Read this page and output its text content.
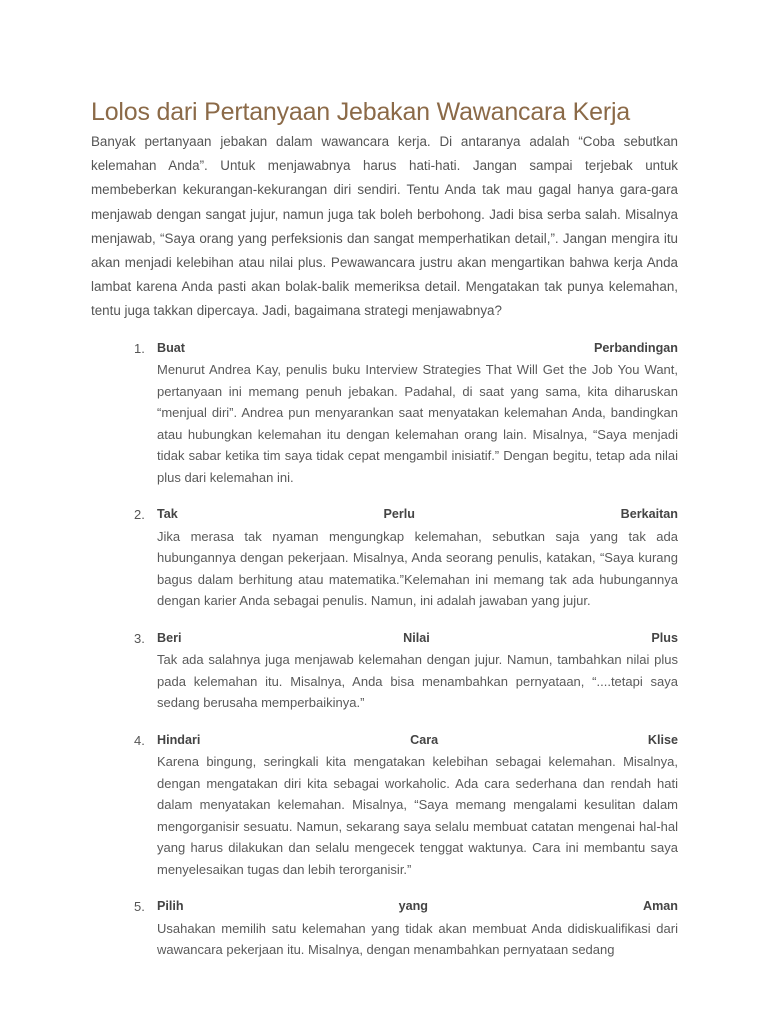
Lolos dari Pertanyaan Jebakan Wawancara Kerja

Banyak pertanyaan jebakan dalam wawancara kerja. Di antaranya adalah “Coba sebutkan kelemahan Anda”. Untuk menjawabnya harus hati-hati. Jangan sampai terjebak untuk membeberkan kekurangan-kekurangan diri sendiri. Tentu Anda tak mau gagal hanya gara-gara menjawab dengan sangat jujur, namun juga tak boleh berbohong. Jadi bisa serba salah. Misalnya menjawab, “Saya orang yang perfeksionis dan sangat memperhatikan detail,”. Jangan mengira itu akan menjadi kelebihan atau nilai plus. Pewawancara justru akan mengartikan bahwa kerja Anda lambat karena Anda pasti akan bolak-balik memeriksa detail. Mengatakan tak punya kelemahan, tentu juga takkan dipercaya. Jadi, bagaimana strategi menjawabnya?

1. Buat	Perbandingan

Menurut Andrea Kay, penulis buku Interview Strategies That Will Get the Job You Want, pertanyaan ini memang penuh jebakan. Padahal, di saat yang sama, kita diharuskan “menjual diri”. Andrea pun menyarankan saat menyatakan kelemahan Anda, bandingkan atau hubungkan kelemahan itu dengan kelemahan orang lain. Misalnya, “Saya menjadi tidak sabar ketika tim saya tidak cepat mengambil inisiatif.” Dengan begitu, tetap ada nilai plus dari kelemahan ini.

2. Tak	Perlu	Berkaitan

Jika merasa tak nyaman mengungkap kelemahan, sebutkan saja yang tak ada hubungannya dengan pekerjaan. Misalnya, Anda seorang penulis, katakan, “Saya kurang bagus dalam berhitung atau matematika.”Kelemahan ini memang tak ada hubungannya dengan karier Anda sebagai penulis. Namun, ini adalah jawaban yang jujur.

3. Beri	Nilai	Plus

Tak ada salahnya juga menjawab kelemahan dengan jujur. Namun, tambahkan nilai plus pada kelemahan itu. Misalnya, Anda bisa menambahkan pernyataan, “....tetapi saya sedang berusaha memperbaikinya.”

4. Hindari	Cara	Klise

Karena bingung, seringkali kita mengatakan kelebihan sebagai kelemahan. Misalnya, dengan mengatakan diri kita sebagai workaholic. Ada cara sederhana dan rendah hati dalam menyatakan kelemahan. Misalnya, “Saya memang mengalami kesulitan dalam mengorganisir sesuatu. Namun, sekarang saya selalu membuat catatan mengenai hal-hal yang harus dilakukan dan selalu mengecek tenggat waktunya. Cara ini membantu saya menyelesaikan tugas dan lebih terorganisir.”

5. Pilih	yang	Aman

Usahakan memilih satu kelemahan yang tidak akan membuat Anda didiskualifikasi dari wawancara pekerjaan itu. Misalnya, dengan menambahkan pernyataan sedang
